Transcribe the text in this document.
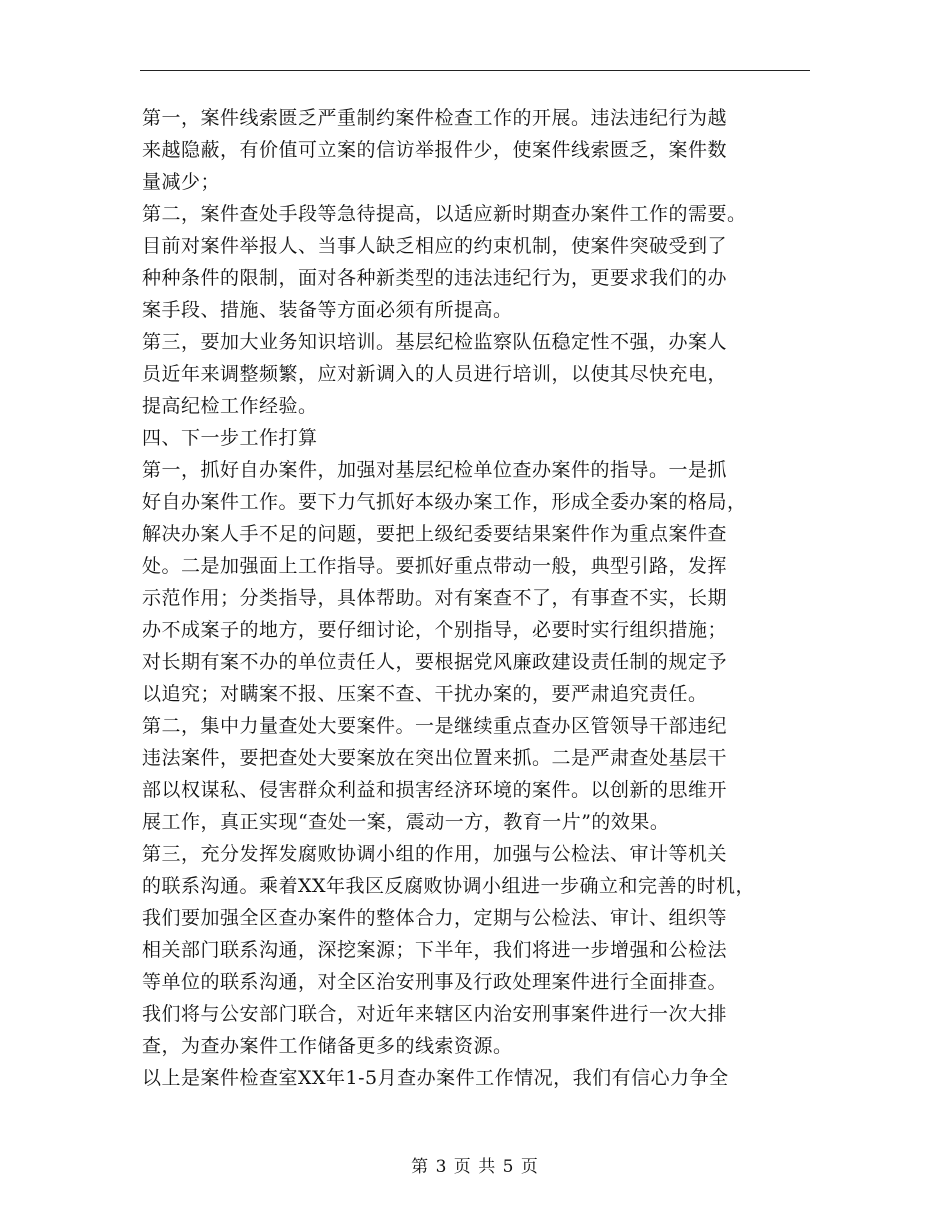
第一，案件线索匮乏严重制约案件检查工作的开展。违法违纪行为越
来越隐蔽，有价值可立案的信访举报件少，使案件线索匮乏，案件数
量减少；
第二，案件查处手段等急待提高，以适应新时期查办案件工作的需要。
目前对案件举报人、当事人缺乏相应的约束机制，使案件突破受到了
种种条件的限制，面对各种新类型的违法违纪行为，更要求我们的办
案手段、措施、装备等方面必须有所提高。
第三，要加大业务知识培训。基层纪检监察队伍稳定性不强，办案人
员近年来调整频繁，应对新调入的人员进行培训，以使其尽快充电，
提高纪检工作经验。
四、下一步工作打算
第一，抓好自办案件，加强对基层纪检单位查办案件的指导。一是抓
好自办案件工作。要下力气抓好本级办案工作，形成全委办案的格局，
解决办案人手不足的问题，要把上级纪委要结果案件作为重点案件查
处。二是加强面上工作指导。要抓好重点带动一般，典型引路，发挥
示范作用；分类指导，具体帮助。对有案查不了，有事查不实，长期
办不成案子的地方，要仔细讨论，个别指导，必要时实行组织措施；
对长期有案不办的单位责任人，要根据党风廉政建设责任制的规定予
以追究；对瞒案不报、压案不查、干扰办案的，要严肃追究责任。
第二，集中力量查处大要案件。一是继续重点查办区管领导干部违纪
违法案件，要把查处大要案放在突出位置来抓。二是严肃查处基层干
部以权谋私、侵害群众利益和损害经济环境的案件。以创新的思维开
展工作，真正实现“查处一案，震动一方，教育一片”的效果。
第三，充分发挥发腐败协调小组的作用，加强与公检法、审计等机关
的联系沟通。乘着XX年我区反腐败协调小组进一步确立和完善的时机，
我们要加强全区查办案件的整体合力，定期与公检法、审计、组织等
相关部门联系沟通，深挖案源；下半年，我们将进一步增强和公检法
等单位的联系沟通，对全区治安刑事及行政处理案件进行全面排查。
我们将与公安部门联合，对近年来辖区内治安刑事案件进行一次大排
查，为查办案件工作储备更多的线索资源。
以上是案件检查室XX年1-5月查办案件工作情况，我们有信心力争全
第 3 页 共 5 页
